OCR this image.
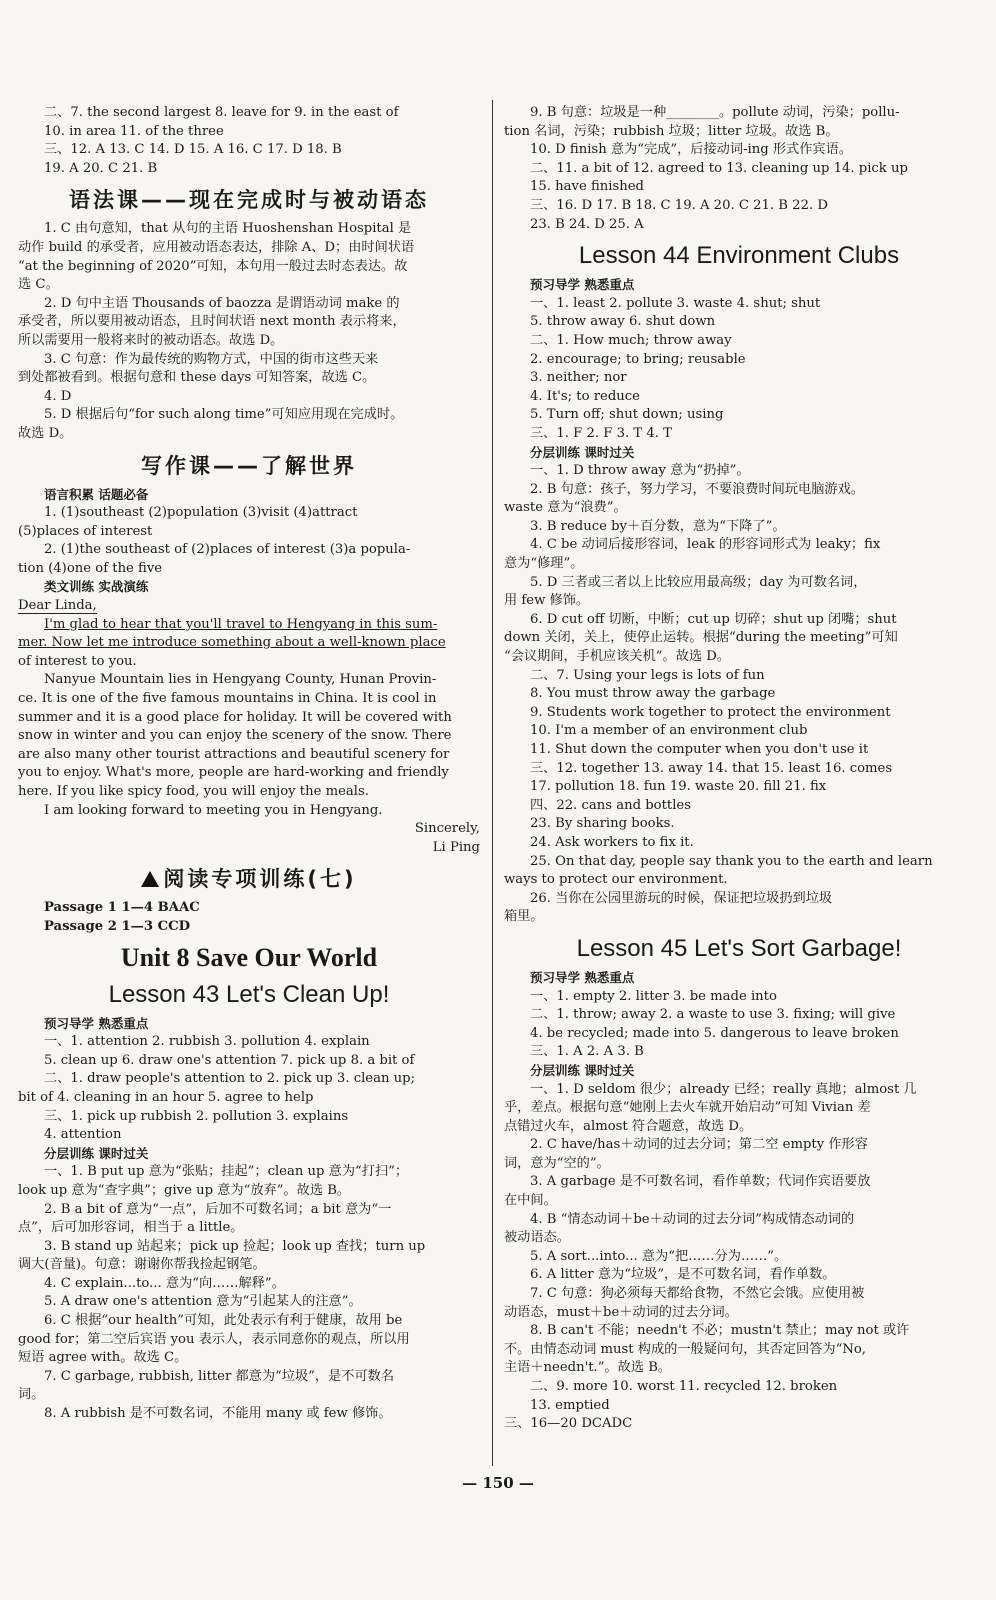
二、7. the second largest 8. leave for 9. in the east of
10. in area 11. of the three
三、12. A 13. C 14. D 15. A 16. C 17. D 18. B
19. A 20. C 21. B
语法课——现在完成时与被动语态
1. C 由句意知，that 从句的主语 Huoshenshan Hospital 是
动作 build 的承受者，应用被动语态表达，排除 A、D；由时间状语
“at the beginning of 2020”可知，本句用一般过去时态表达。故
选 C。
2. D 句中主语 Thousands of baozza 是谓语动词 make 的
承受者，所以要用被动语态，且时间状语 next month 表示将来，
所以需要用一般将来时的被动语态。故选 D。
3. C 句意：作为最传统的购物方式，中国的街市这些天来
到处都被看到。根据句意和 these days 可知答案，故选 C。
4. D
5. D 根据后句“for such along time”可知应用现在完成时。
故选 D。
写作课——了解世界
语言积累 话题必备
1. (1)southeast (2)population (3)visit (4)attract
(5)places of interest
2. (1)the southeast of (2)places of interest (3)a popula-
tion (4)one of the five
类文训练 实战演练
Dear Linda,
I'm glad to hear that you'll travel to Hengyang in this sum-
mer. Now let me introduce something about a well-known place
of interest to you.
Nanyue Mountain lies in Hengyang County, Hunan Provin-
ce. It is one of the five famous mountains in China. It is cool in
summer and it is a good place for holiday. It will be covered with
snow in winter and you can enjoy the scenery of the snow. There
are also many other tourist attractions and beautiful scenery for
you to enjoy. What's more, people are hard-working and friendly
here. If you like spicy food, you will enjoy the meals.
I am looking forward to meeting you in Hengyang.
Sincerely,
Li Ping
阅读专项训练(七)
Passage 1 1—4 BAAC
Passage 2 1—3 CCD
Unit 8 Save Our World
Lesson 43 Let's Clean Up!
预习导学 熟悉重点
一、1. attention 2. rubbish 3. pollution 4. explain
5. clean up 6. draw one's attention 7. pick up 8. a bit of
二、1. draw people's attention to 2. pick up 3. clean up;
bit of 4. cleaning in an hour 5. agree to help
三、1. pick up rubbish 2. pollution 3. explains
4. attention
分层训练 课时过关
一、1. B put up 意为“张贴；挂起”；clean up 意为“打扫”；
look up 意为“查字典”；give up 意为“放弃”。故选 B。
2. B a bit of 意为“一点”，后加不可数名词；a bit 意为“一
点”，后可加形容词，相当于 a little。
3. B stand up 站起来；pick up 捡起；look up 查找；turn up
调大(音量)。句意：谢谢你帮我捡起钢笔。
4. C explain...to... 意为“向……解释”。
5. A draw one's attention 意为“引起某人的注意”。
6. C 根据“our health”可知，此处表示有利于健康，故用 be
good for；第二空后宾语 you 表示人，表示同意你的观点，所以用
短语 agree with。故选 C。
7. C garbage, rubbish, litter 都意为“垃圾”，是不可数名
词。
8. A rubbish 是不可数名词，不能用 many 或 few 修饰。
9. B 句意：垃圾是一种________。pollute 动词，污染；pollu-
tion 名词，污染；rubbish 垃圾；litter 垃圾。故选 B。
10. D finish 意为“完成”，后接动词-ing 形式作宾语。
二、11. a bit of 12. agreed to 13. cleaning up 14. pick up
15. have finished
三、16. D 17. B 18. C 19. A 20. C 21. B 22. D
23. B 24. D 25. A
Lesson 44 Environment Clubs
预习导学 熟悉重点
一、1. least 2. pollute 3. waste 4. shut; shut
5. throw away 6. shut down
二、1. How much; throw away
2. encourage; to bring; reusable
3. neither; nor
4. It's; to reduce
5. Turn off; shut down; using
三、1. F 2. F 3. T 4. T
分层训练 课时过关
一、1. D throw away 意为“扔掉”。
2. B 句意：孩子，努力学习，不要浪费时间玩电脑游戏。
waste 意为“浪费”。
3. B reduce by＋百分数，意为“下降了”。
4. C be 动词后接形容词，leak 的形容词形式为 leaky；fix
意为“修理”。
5. D 三者或三者以上比较应用最高级；day 为可数名词，
用 few 修饰。
6. D cut off 切断，中断；cut up 切碎；shut up 闭嘴；shut
down 关闭，关上，使停止运转。根据“during the meeting”可知
“会议期间，手机应该关机”。故选 D。
二、7. Using your legs is lots of fun
8. You must throw away the garbage
9. Students work together to protect the environment
10. I'm a member of an environment club
11. Shut down the computer when you don't use it
三、12. together 13. away 14. that 15. least 16. comes
17. pollution 18. fun 19. waste 20. fill 21. fix
四、22. cans and bottles
23. By sharing books.
24. Ask workers to fix it.
25. On that day, people say thank you to the earth and learn
ways to protect our environment.
26. 当你在公园里游玩的时候，保证把垃圾扔到垃圾
箱里。
Lesson 45 Let's Sort Garbage!
预习导学 熟悉重点
一、1. empty 2. litter 3. be made into
二、1. throw; away 2. a waste to use 3. fixing; will give
4. be recycled; made into 5. dangerous to leave broken
三、1. A 2. A 3. B
分层训练 课时过关
一、1. D seldom 很少；already 已经；really 真地；almost 几
乎，差点。根据句意“她刚上去火车就开始启动”可知 Vivian 差
点错过火车，almost 符合题意，故选 D。
2. C have/has＋动词的过去分词；第二空 empty 作形容
词，意为“空的”。
3. A garbage 是不可数名词，看作单数；代词作宾语要放
在中间。
4. B “情态动词＋be＋动词的过去分词”构成情态动词的
被动语态。
5. A sort...into... 意为“把……分为……”。
6. A litter 意为“垃圾”，是不可数名词，看作单数。
7. C 句意：狗必须每天都给食物，不然它会饿。应使用被
动语态，must＋be＋动词的过去分词。
8. B can't 不能；needn't 不必；mustn't 禁止；may not 或许
不。由情态动词 must 构成的一般疑问句，其否定回答为“No,
主语＋needn't.”。故选 B。
二、9. more 10. worst 11. recycled 12. broken
13. emptied
三、16—20 DCADC
— 150 —
